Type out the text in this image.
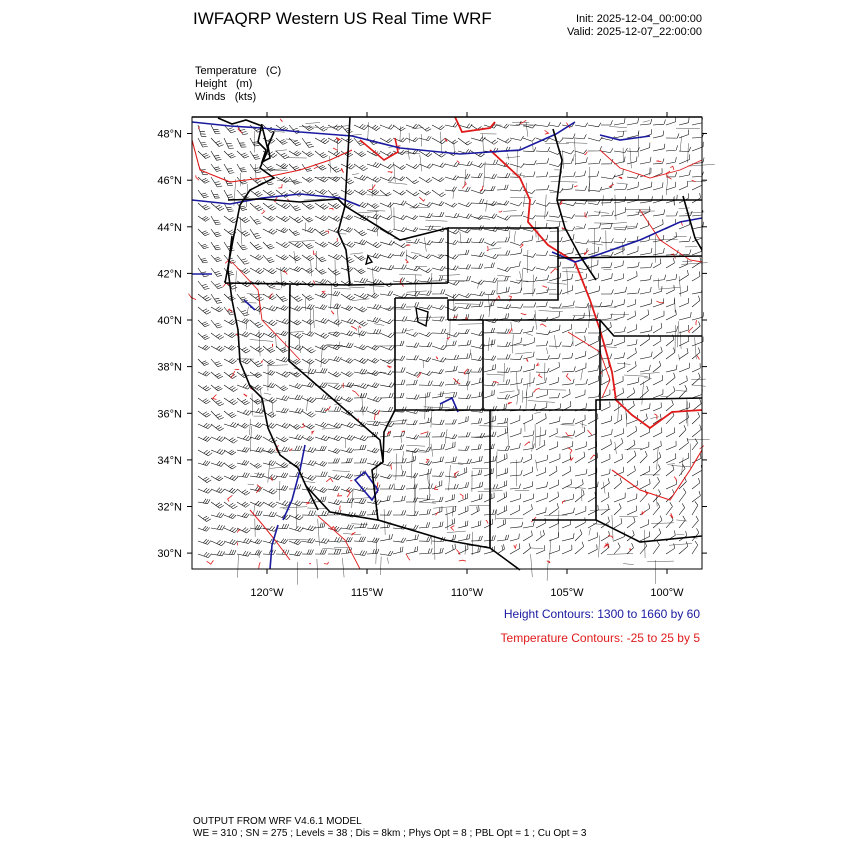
IWFAQRP Western US Real Time WRF	Init: 2025-12-04_00:00:00
Valid: 2025-12-07_22:00:00
Temperature   (C)
Height   (m)
Winds   (kts)
48°N
46°N
44°N
42°N
40°N
38°N
36°N
34°N
32°N
30°N
120°W	115°W	110°W	105°W	100°W
Height Contours: 1300 to 1660 by 60
Temperature Contours: -25 to 25 by 5
OUTPUT FROM WRF V4.6.1 MODEL
WE = 310 ; SN = 275 ; Levels = 38 ; Dis = 8km ; Phys Opt = 8 ; PBL Opt = 1 ; Cu Opt = 3
